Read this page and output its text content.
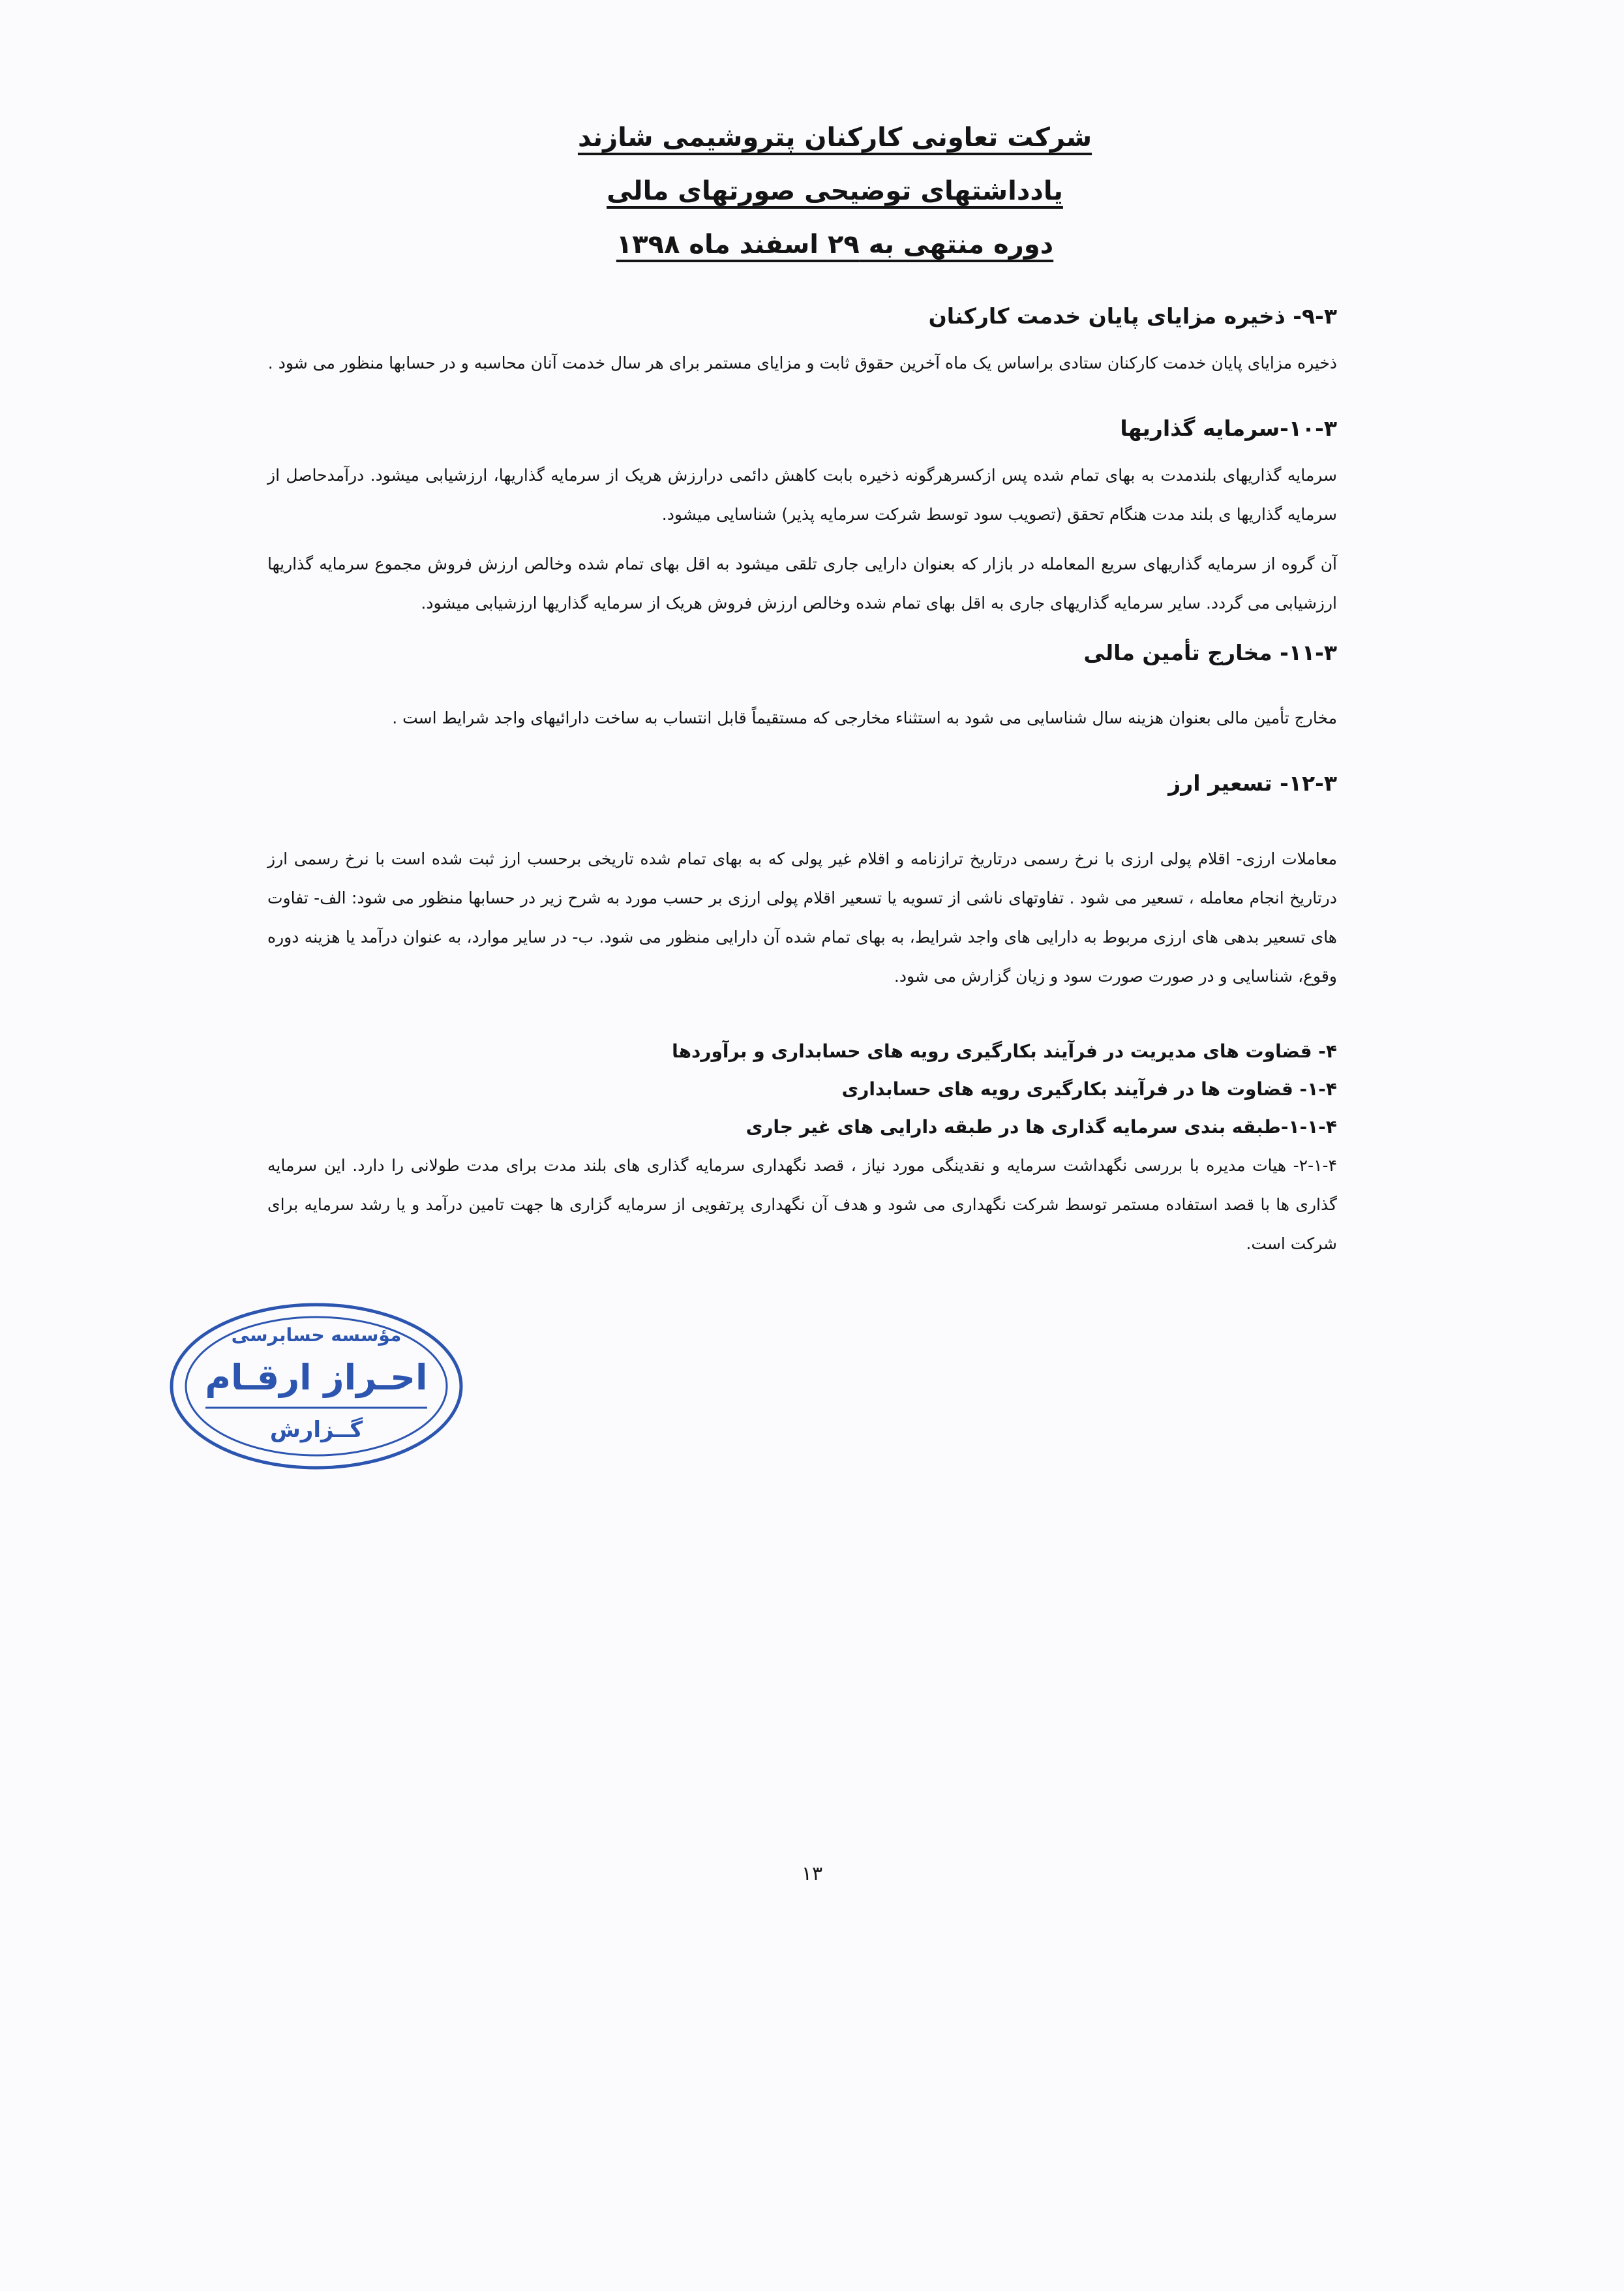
شرکت تعاونی کارکنان پتروشیمی شازند
یادداشتهای توضیحی صورتهای مالی
دوره منتهی به ۲۹ اسفند ماه ۱۳۹۸
۹-۳- ذخیره مزایای پایان خدمت کارکنان

ذخیره مزایای پایان خدمت کارکنان ستادی براساس یک ماه آخرین حقوق ثابت و مزایای مستمر برای هر سال خدمت آنان محاسبه و در حسابها منظور می شود .

۱۰-۳-سرمایه گذاریها

سرمایه گذاریهای بلندمدت به بهای تمام شده پس ازکسرهرگونه ذخیره بابت کاهش دائمی درارزش هریک از سرمایه گذاریها، ارزشیابی میشود. درآمدحاصل از سرمایه گذاریها ی بلند مدت هنگام تحقق (تصویب سود توسط شرکت سرمایه پذیر) شناسایی میشود.

آن گروه از سرمایه گذاریهای سریع المعامله در بازار که بعنوان دارایی جاری تلقی میشود به اقل بهای تمام شده وخالص ارزش فروش مجموع سرمایه گذاریها ارزشیابی می گردد. سایر سرمایه گذاریهای جاری به اقل بهای تمام شده وخالص ارزش فروش هریک از سرمایه گذاریها ارزشیابی میشود.

۱۱-۳- مخارج تأمین مالی

مخارج تأمین مالی بعنوان هزینه سال شناسایی می شود به استثناء مخارجی که مستقیماً قابل انتساب به ساخت دارائیهای واجد شرایط است .

۱۲-۳- تسعیر ارز

معاملات ارزی- اقلام پولی ارزی با نرخ رسمی درتاریخ ترازنامه و اقلام غیر پولی که به بهای تمام شده تاریخی برحسب ارز ثبت شده است با نرخ رسمی ارز درتاریخ انجام معامله ، تسعیر می شود . تفاوتهای ناشی از تسویه یا تسعیر اقلام پولی ارزی بر حسب مورد به شرح زیر در حسابها منظور می شود: الف- تفاوت های تسعیر بدهی های ارزی مربوط به دارایی های واجد شرایط، به بهای تمام شده آن دارایی منظور می شود. ب- در سایر موارد، به عنوان درآمد یا هزینه دوره وقوع، شناسایی و در صورت صورت سود و زیان گزارش می شود.

۴- قضاوت های مدیریت در فرآیند بکارگیری رویه های حسابداری و برآوردها
۱-۴- قضاوت ها در فرآیند بکارگیری رویه های حسابداری
۱-۱-۴-طبقه بندی سرمایه گذاری ها در طبقه دارایی های غیر جاری

۲-۱-۴- هیات مدیره با بررسی نگهداشت سرمایه و نقدینگی مورد نیاز ، قصد نگهداری سرمایه گذاری های بلند مدت برای مدت طولانی را دارد. این سرمایه گذاری ها با قصد استفاده مستمر توسط شرکت نگهداری می شود و هدف آن نگهداری پرتفویی از سرمایه گزاری ها جهت تامین درآمد و یا رشد سرمایه برای شرکت است.

مؤسسه حسابرسی
احـراز ارقـام
گــزارش
۱۳
